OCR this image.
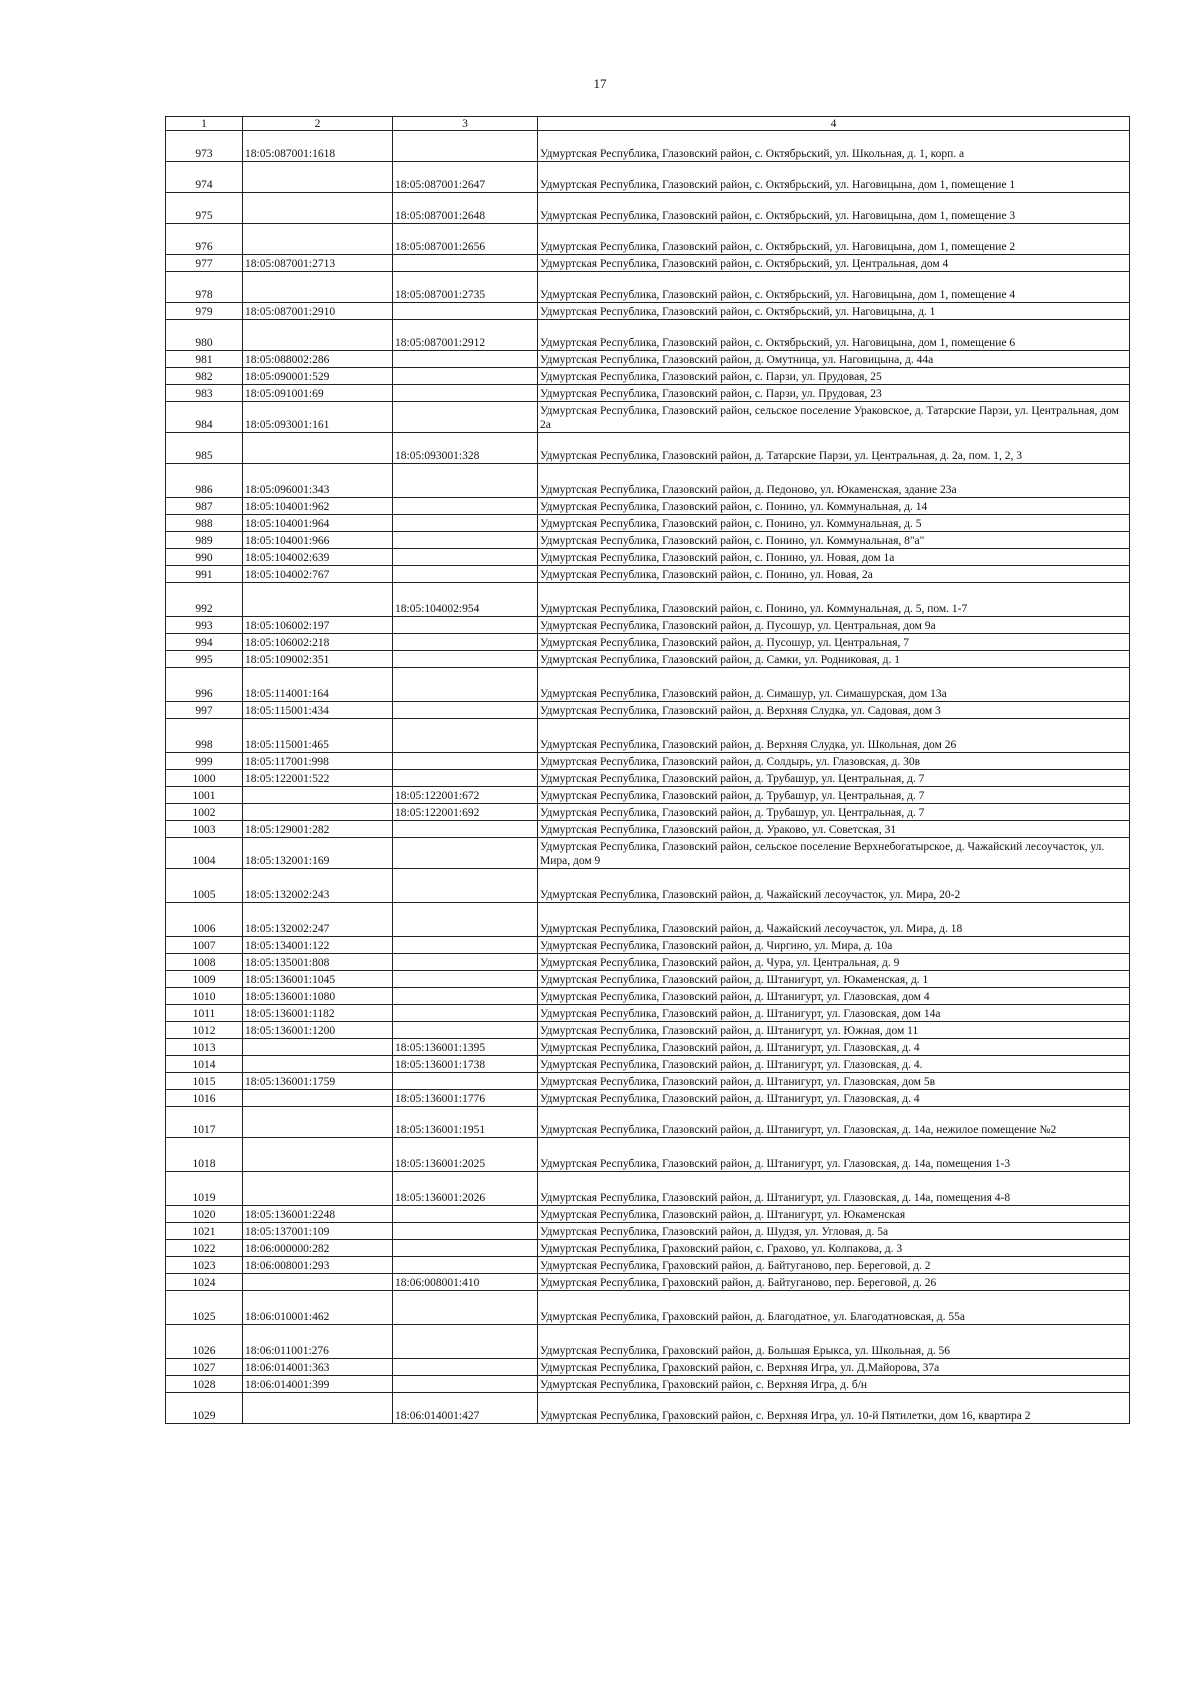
17
1	2	3	4
973	18:05:087001:1618		Удмуртская Республика, Глазовский район, с. Октябрьский, ул. Школьная, д. 1, корп. а
974		18:05:087001:2647	Удмуртская Республика, Глазовский район, с. Октябрьский, ул. Наговицына, дом 1, помещение 1
975		18:05:087001:2648	Удмуртская Республика, Глазовский район, с. Октябрьский, ул. Наговицына, дом 1, помещение 3
976		18:05:087001:2656	Удмуртская Республика, Глазовский район, с. Октябрьский, ул. Наговицына, дом 1, помещение 2
977	18:05:087001:2713		Удмуртская Республика, Глазовский район, с. Октябрьский, ул. Центральная, дом 4
978		18:05:087001:2735	Удмуртская Республика, Глазовский район, с. Октябрьский, ул. Наговицына, дом 1, помещение 4
979	18:05:087001:2910		Удмуртская Республика, Глазовский район, с. Октябрьский, ул. Наговицына, д. 1
980		18:05:087001:2912	Удмуртская Республика, Глазовский район, с. Октябрьский, ул. Наговицына, дом 1, помещение 6
981	18:05:088002:286		Удмуртская Республика, Глазовский район, д. Омутница, ул. Наговицына, д. 44а
982	18:05:090001:529		Удмуртская Республика, Глазовский район, с. Парзи, ул. Прудовая, 25
983	18:05:091001:69		Удмуртская Республика, Глазовский район, с. Парзи, ул. Прудовая, 23
984	18:05:093001:161		Удмуртская Республика, Глазовский район, сельское поселение Ураковское, д. Татарские Парзи, ул. Центральная, дом 2а
985		18:05:093001:328	Удмуртская Республика, Глазовский район, д. Татарские Парзи, ул. Центральная, д. 2а, пом. 1, 2, 3
986	18:05:096001:343		Удмуртская Республика, Глазовский район, д. Педоново, ул. Юкаменская, здание 23а
987	18:05:104001:962		Удмуртская Республика, Глазовский район, с. Понино, ул. Коммунальная, д. 14
988	18:05:104001:964		Удмуртская Республика, Глазовский район, с. Понино, ул. Коммунальная, д. 5
989	18:05:104001:966		Удмуртская Республика, Глазовский район, с. Понино, ул. Коммунальная, 8"а"
990	18:05:104002:639		Удмуртская Республика, Глазовский район, с. Понино, ул. Новая, дом 1а
991	18:05:104002:767		Удмуртская Республика, Глазовский район, с. Понино, ул. Новая, 2а
992		18:05:104002:954	Удмуртская Республика, Глазовский район, с. Понино, ул. Коммунальная, д. 5, пом. 1-7
993	18:05:106002:197		Удмуртская Республика, Глазовский район, д. Пусошур, ул. Центральная, дом 9а
994	18:05:106002:218		Удмуртская Республика, Глазовский район, д. Пусошур, ул. Центральная, 7
995	18:05:109002:351		Удмуртская Республика, Глазовский район, д. Самки, ул. Родниковая, д. 1
996	18:05:114001:164		Удмуртская Республика, Глазовский район, д. Симашур, ул. Симашурская, дом 13а
997	18:05:115001:434		Удмуртская Республика, Глазовский район, д. Верхняя Слудка, ул. Садовая, дом 3
998	18:05:115001:465		Удмуртская Республика, Глазовский район, д. Верхняя Слудка, ул. Школьная, дом 26
999	18:05:117001:998		Удмуртская Республика, Глазовский район, д. Солдырь, ул. Глазовская, д. 30в
1000	18:05:122001:522		Удмуртская Республика, Глазовский район, д. Трубашур, ул. Центральная, д. 7
1001		18:05:122001:672	Удмуртская Республика, Глазовский район, д. Трубашур, ул. Центральная, д. 7
1002		18:05:122001:692	Удмуртская Республика, Глазовский район, д. Трубашур, ул. Центральная, д. 7
1003	18:05:129001:282		Удмуртская Республика, Глазовский район, д. Ураково, ул. Советская, 31
1004	18:05:132001:169		Удмуртская Республика, Глазовский район, сельское поселение Верхнебогатырское, д. Чажайский лесоучасток, ул. Мира, дом 9
1005	18:05:132002:243		Удмуртская Республика, Глазовский район, д. Чажайский лесоучасток, ул. Мира, 20-2
1006	18:05:132002:247		Удмуртская Республика, Глазовский район, д. Чажайский лесоучасток, ул. Мира, д. 18
1007	18:05:134001:122		Удмуртская Республика, Глазовский район, д. Чиргино, ул. Мира, д. 10а
1008	18:05:135001:808		Удмуртская Республика, Глазовский район, д. Чура, ул. Центральная, д. 9
1009	18:05:136001:1045		Удмуртская Республика, Глазовский район, д. Штанигурт, ул. Юкаменская, д. 1
1010	18:05:136001:1080		Удмуртская Республика, Глазовский район, д. Штанигурт, ул. Глазовская, дом 4
1011	18:05:136001:1182		Удмуртская Республика, Глазовский район, д. Штанигурт, ул. Глазовская, дом 14а
1012	18:05:136001:1200		Удмуртская Республика, Глазовский район, д. Штанигурт, ул. Южная, дом 11
1013		18:05:136001:1395	Удмуртская Республика, Глазовский район, д. Штанигурт, ул. Глазовская, д. 4
1014		18:05:136001:1738	Удмуртская Республика, Глазовский район, д. Штанигурт, ул. Глазовская, д. 4.
1015	18:05:136001:1759		Удмуртская Республика, Глазовский район, д. Штанигурт, ул. Глазовская, дом 5в
1016		18:05:136001:1776	Удмуртская Республика, Глазовский район, д. Штанигурт, ул. Глазовская, д. 4
1017		18:05:136001:1951	Удмуртская Республика, Глазовский район, д. Штанигурт, ул. Глазовская, д. 14а, нежилое помещение №2
1018		18:05:136001:2025	Удмуртская Республика, Глазовский район, д. Штанигурт, ул. Глазовская, д. 14а, помещения 1-3
1019		18:05:136001:2026	Удмуртская Республика, Глазовский район, д. Штанигурт, ул. Глазовская, д. 14а, помещения 4-8
1020	18:05:136001:2248		Удмуртская Республика, Глазовский район, д. Штанигурт, ул. Юкаменская
1021	18:05:137001:109		Удмуртская Республика, Глазовский район, д. Шудзя, ул. Угловая, д. 5а
1022	18:06:000000:282		Удмуртская Республика, Граховский район, с. Грахово, ул. Колпакова, д. 3
1023	18:06:008001:293		Удмуртская Республика, Граховский район, д. Байтуганово, пер. Береговой, д. 2
1024		18:06:008001:410	Удмуртская Республика, Граховский район, д. Байтуганово, пер. Береговой, д. 26
1025	18:06:010001:462		Удмуртская Республика, Граховский район, д. Благодатное, ул. Благодатновская, д. 55а
1026	18:06:011001:276		Удмуртская Республика, Граховский район, д. Большая Ерыкса, ул. Школьная, д. 56
1027	18:06:014001:363		Удмуртская Республика, Граховский район, с. Верхняя Игра, ул. Д.Майорова, 37а
1028	18:06:014001:399		Удмуртская Республика, Граховский район, с. Верхняя Игра, д. б/н
1029		18:06:014001:427	Удмуртская Республика, Граховский район, с. Верхняя Игра, ул. 10-й Пятилетки, дом 16, квартира 2
